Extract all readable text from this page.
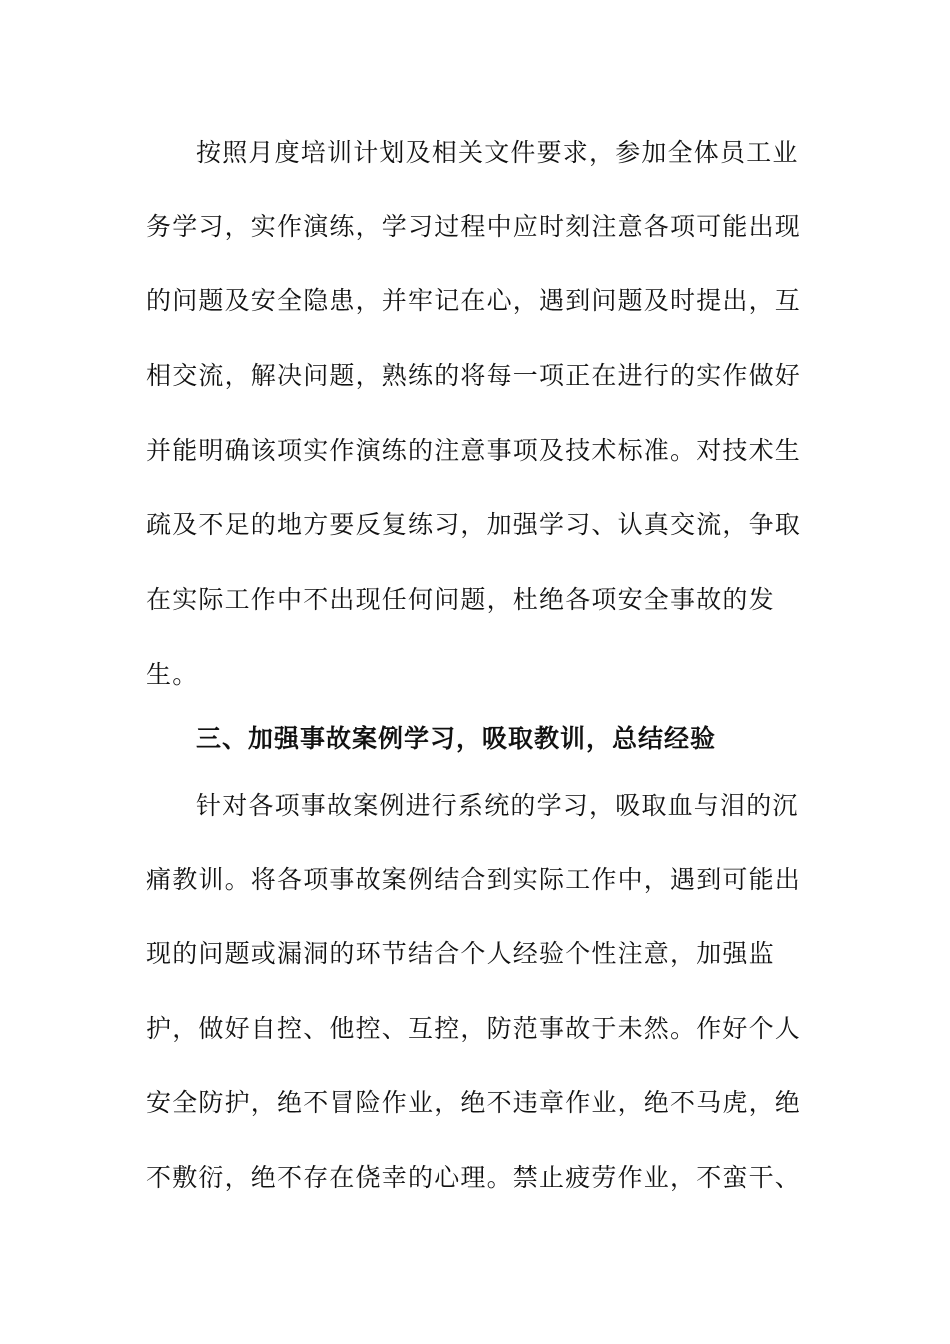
按照月度培训计划及相关文件要求，参加全体员工业
务学习，实作演练，学习过程中应时刻注意各项可能出现
的问题及安全隐患，并牢记在心，遇到问题及时提出，互
相交流，解决问题，熟练的将每一项正在进行的实作做好
并能明确该项实作演练的注意事项及技术标准。对技术生
疏及不足的地方要反复练习，加强学习、认真交流，争取
在实际工作中不出现任何问题，杜绝各项安全事故的发
生。
三、加强事故案例学习，吸取教训，总结经验
针对各项事故案例进行系统的学习，吸取血与泪的沉
痛教训。将各项事故案例结合到实际工作中，遇到可能出
现的问题或漏洞的环节结合个人经验个性注意，加强监
护，做好自控、他控、互控，防范事故于未然。作好个人
安全防护，绝不冒险作业，绝不违章作业，绝不马虎，绝
不敷衍，绝不存在侥幸的心理。禁止疲劳作业，不蛮干、
